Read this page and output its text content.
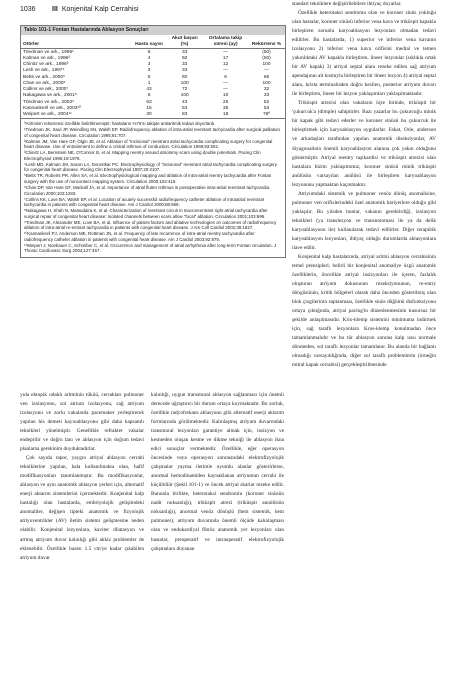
1036 III Konjenital Kalp Cerrahisi
Tablo 101-1 Fontan Hastalarında Ablasyon Sonuçları
Otörler	Hasta sayısı	Akut başarı (%)	Ortalama takip süresi (ay)	Rekürrens %
Triedman ve ark., 1995¹	6	33	—	(50)
Kalman ve ark., 1996²	4	50	17	(50)
Chinitz ve ark., 1996³	3	33	12	100
Lesh ve ark., 1997⁴	3	33	—	—
Betts ve ark., 2000⁵	5	60	6	66
Chan ve ark., 2000⁶	1	100	—	100
Collins ve ark., 2000⁷	43	72	—	32
Nakagawa ve ark., 2001⁸	6	100	10	33
Triedman ve ark., 2002⁹	63	43	25	52
Kannankeril ve ark., 2003¹⁰	15	53	38	53
Weipert ve ark., 2004¹¹	30	83	18	76ª

ªAritminin rekürrensi özellikle belirtilmemiştir; hastaların %76'sı takipte antiaritmik tedavi alıyorlardı.

¹Triedman JK, Saul JP, Weindling SN, Walsh EP. Radiofrequency ablation of intra-atrial reentrant tachycardia after surgical palliation of congenital heart disease. Circulation 1995;91:707.

²Kalman JM, Van Hare GF, Olgin JE, et al. Ablation of "incisional" reentrant atrial tachycardia complicating surgery for congenital heart disease. Use of entrainment to define a critical isthmus of conduction. Circulation 1996;93:502.

³Chinitz LA, Bernstein NE, O'Connor B, et al. Mapping reentry around atriotomy scars using double potentials. Pacing Clin Electrophysiol 1996;19:1978.

⁴Lesh MD, Kalman JM, Saxon LA, Dorostkar PC. Electrophysiology of "incisional" reentrant atrial tachycardia complicating surgery for congenital heart disease. Pacing Clin Electrophysiol 1997;20:2107.

⁵Betts TR, Roberts PR, Allen SA, et al. Electrophysiological mapping and ablation of intra-atrial reentry tachycardia after Fontan surgery with the use of noncontact mapping system. Circulation 2000;102:419.

⁶Chan DP, Van Hare GF, Mackall JA, et al. Importance of atrial flutter isthmus in postoperative intra-atrial reentrant tachycardia. Circulation 2000;102:1283.

⁷Collins KK, Love BA, Walsh EP, et al. Location of acutely successful radiofrequency catheter ablation of intraatrial reentrant tachycardia in patients with congenital heart disease. Am J Cardiol 2000;86:969.

⁸Nakagawa H, Shah N, Matsudaira K, et al. Characterization of reentrant circuit in macroreentrant right atrial tachycardia after surgical repair of congenital heart disease: Isolated channels between scars allow "focal" ablation. Circulation 2001;103:699.

⁹Triedman JK, Alexander ME, Love BA, et al. Influence of patient factors and ablative technologies on outcomes of radiofrequency ablation of intra-atrial re-entrant tachycardia in patients with congenital heart disease. J Am Coll Cardiol 2002;39:1827.

¹⁰Kannankeril PJ, Anderson ME, Rottman JN, et al. Frequency of late recurrence of intra-atrial reentry tachycardia after radiofrequency catheter ablation in patients with congenital heart disease. Am J Cardiol 2003;92:879.

¹¹Weipert J, Noebauer C, Schreiber C, et al. Occurrence and management of atrial arrhythmia after long-term Fontan circulation. J Thorac Cardiovasc Surg 2004;127:457.

yıda ektopik odaklı aritminin tüküü, cerrahları pulmoner ven izolasyonu, sol atrium izolasyonu, sağ atriyum izolasyonu ve zorlu vakalarda pacemaker yerleştirerek yapılan his demeti kayıoablasyonu gibi daha kapsamlı teknikleri yönelmiştir. Genellikle refrakter vakalar endeprilir ve doğru tanı ve ablasyon için doğum tedavi planlama gerekinim duyduktadırlar.

Çok sayıda rapor, yaygın atriyal ablasyon cerrahi tekniklerine yapılan, hala kullanılmakta olan, hafif modifikasyonları tanımlanmıştır. Bu modifikasyonlar, ablasyon ve aynı anatomik ablasyon yerleri için, alternatif enerji aktarım sistemlerini içermektedir. Konjenital kalp hastalığı olan hastalarda, embriyolojik gelişimdeki anomaliler, değişen tipteki anatomik ve fizyolojik atriyoventrikler (AV) iletim sistemi gelişmesine neden olabilir. Konjenital lezyonlara, kaviter dilatasyon ve artmış atriyum duvar kalınlığı gibi akkiz problemler de eklenebilir. Özellikle bazen 1.5 cm'ye kadar çıkabilen atriyum duvar

kalınlığı, uygun transmural ablasyon sağlanması için önemli derecede uğraştırıcı bir durum ortaya koymaktadır. Bu zorluk, özellikle radyofrekans ablasyonu gibi alternatif enerji aktarım formlarında görülmektedir. Kalınlaşmış atriyum duvarındaki transmural lezyonları garantiye almak için, insizyon ve kesmeden oluşan kesme ve dikme tekniği ile ablasyon ikna edici sonuçlar vermektedir. Özellikle, eğer operasyon öncesinde veya operasyon sonrasındaki elektrofizyolojik çalışmalar yayma iletimle uyumlu alanlar gösterirlerse, anormal hemodinamiden kaynaklanan atriyumun cerrahi ile küçültülür (Şekil 101-1) ve öncek atriyal skarlar rezeke edilir. Bununla birlikte, heterotaksi sendromlu (koroner sinüsün nadir noksanlığı), triküspit atrezi (triküspit annülüsün noksanlığı), anormal venöz dönüşlü (hem sistemik, hem pulmoner), atriyum duvarında önemli ölçüde kalınlaşması olan ve endokardiyal fibröz anatomik yer lezyonları olan hastalar, preoperatif ve intraoperatif elektrofizyolojik çalışmalara duyanan

standart tekniklere değiştirilebilere ihtiyaç duyarlar.

Özellikle heterotaksi sendromu olan ve koroner sinüs yokluğu olan hastalar, koroner sinüsü inferior vena kava ve triküspit kapakla birleştiren zorunlu karyoablasyon lezyonları olmadan tedavi edilirler. Bu hastalarda; 1) superior ve inferior vena kavanın izolasyonu 2) inferior vena kava orifisini medial ve temen yakınlıktaki AV kapakla birleştiren, lineer lezyonlar (sıklıkla ortak bir AV kapak) 3) atriyal septal alanı rezeke edilen sağ atriyum apendajının alt kısmıyla birleştiren bir lineer lezyon 4) atriyal septal alanı, krista terminalisden doğru kesilen, posterior atriyum duvarı ile birleştiren, lineer bir lezyon yaklaşımları yaklaşılmaktadır.

Triküspit atrezisi olan vakaların üçte birinde, triküspit bir 'çukurcuk'a (dimple) sahiptirler. Bazı yazarlar bu çukurcuğu minik bir kapak gibi tedavi ederler ve koroner sinüsü bu çukurcuk ile birleştirmek için karyoablasyon uygularlar. Fakat, Orie, anderson ve arkadaşları tarafından yapılan anatomik diseksiyonlar, AV diyagonalinin önemli karyoablasyon alanına çok yakın olduğunu göstermiştir. Atriyal reentry taşikardisi ve triküspit atrezisi olan hastalara bizim yaklaşımımız, koroner sinüsü minik triküspit anülüsün varsayılan anülüsü ile birleştiren karyoablasyon lezyonunu yapmaktan kaçınmaktır.

Atriyumdaki sistemik ve pulmoner venöz dönüş anomalisine, pulmoner ven orifislerindeki özel anatomik bariyerlere olduğu gibi yaklaşılır. Bu yüzden bunlar, vakanın gerektirdiği, izolasyon teknikleri (ya translezyon ve transnotoması ile ya da delik karyoablasyonu ile) kullanılarak tedavi edilirler. Diğer terapötik karyoablasyon lezyonları, ihtiyaç olduğu durumlarda ablasyonlara ilave edilir.

Konjenital kalp hastalarında, atriyal aritmi ablasyon cerrahisinin temel prensipleri; belirli bir konjenital anomaliye özgü anatomik özelliklerin, öncelikle atriyal insizyonları ile içeren, fazlalık oluşturan atriyum dokusunun rezeksiyonunun, re-entry döngüsünün, kritik bölgeleri olarak daha önceden gösterilmiş olan blok çizgilerinin saptanması, özellikle sinüs düğümü disfonksiyonu ortaya çıktığında, atriyal pacing'in düzenlenmesinin kusursuz bir şekilde anlaşılmasıdır. Krio-klemp sistemini minimuma indirmek için, sağ taraflı lezyonlara Kros-klemp konulmadan önce tamamlanmalıdır ve bu tür ablasyon sonrası kalp ısısı normale dönmeden, sol taraflı lezyonlar tamamlanır. Bu alanda bir bağlantı olmadığı varsayıldığında, diğer sol taraflı problemlerin (örneğin mitral kapak cerrahisi) gerçekleştirilmesinde
